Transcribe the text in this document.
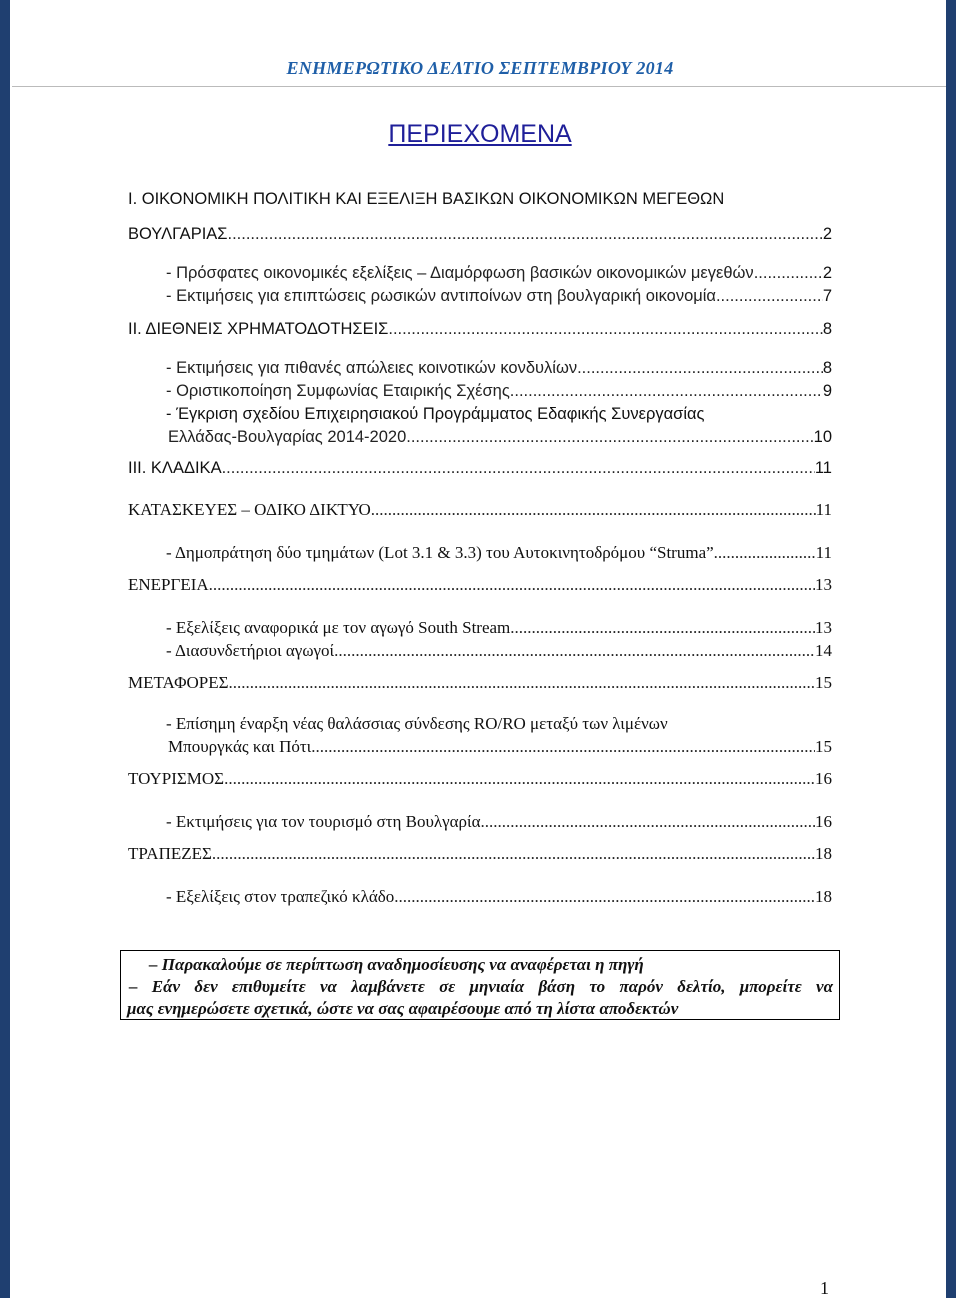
ΕΝΗΜΕΡΩΤΙΚΟ ΔΕΛΤΙΟ ΣΕΠΤΕΜΒΡΙΟΥ 2014
ΠΕΡΙΕΧΟΜΕΝΑ
Ι. ΟΙΚΟΝΟΜΙΚΗ ΠΟΛΙΤΙΚΗ ΚΑΙ ΕΞΕΛΙΞΗ ΒΑΣΙΚΩΝ ΟΙΚΟΝΟΜΙΚΩΝ ΜΕΓΕΘΩΝ
ΒΟΥΛΓΑΡΙΑΣ .....	2
- Πρόσφατες οικονομικές εξελίξεις – Διαμόρφωση βασικών οικονομικών μεγεθών .....	2
- Εκτιμήσεις για επιπτώσεις ρωσικών αντιποίνων στη βουλγαρική οικονομία .....	7
ΙΙ. ΔΙΕΘΝΕΙΣ ΧΡΗΜΑΤΟΔΟΤΗΣΕΙΣ .....	8
- Εκτιμήσεις για πιθανές απώλειες κοινοτικών κονδυλίων .....	8
- Οριστικοποίηση Συμφωνίας Εταιρικής Σχέσης .....	9
- Έγκριση σχεδίου Επιχειρησιακού Προγράμματος Εδαφικής Συνεργασίας
Ελλάδας-Βουλγαρίας 2014-2020 .....	10
ΙΙΙ. ΚΛΑΔΙΚΑ .....	11
ΚΑΤΑΣΚΕΥΕΣ – ΟΔΙΚΟ ΔΙΚΤΥΟ .....	11
- Δημοπράτηση δύο τμημάτων (Lot 3.1 & 3.3) του Αυτοκινητοδρόμου “Struma” .....	11
ΕΝΕΡΓΕΙΑ .....	13
- Εξελίξεις αναφορικά με τον αγωγό South Stream .....	13
- Διασυνδετήριοι αγωγοί .....	14
ΜΕΤΑΦΟΡΕΣ .....	15
- Επίσημη έναρξη νέας θαλάσσιας σύνδεσης RO/RO μεταξύ των λιμένων
Μπουργκάς και Πότι .....	15
ΤΟΥΡΙΣΜΟΣ .....	16
- Εκτιμήσεις για τον τουρισμό στη Βουλγαρία .....	16
ΤΡΑΠΕΖΕΣ .....	18
- Εξελίξεις στον τραπεζικό κλάδο .....	18
– Παρακαλούμε σε περίπτωση αναδημοσίευσης να αναφέρεται η πηγή
– Εάν δεν επιθυμείτε να λαμβάνετε σε μηνιαία βάση το παρόν δελτίο, μπορείτε να
μας ενημερώσετε σχετικά, ώστε να σας αφαιρέσουμε από τη λίστα αποδεκτών
1
